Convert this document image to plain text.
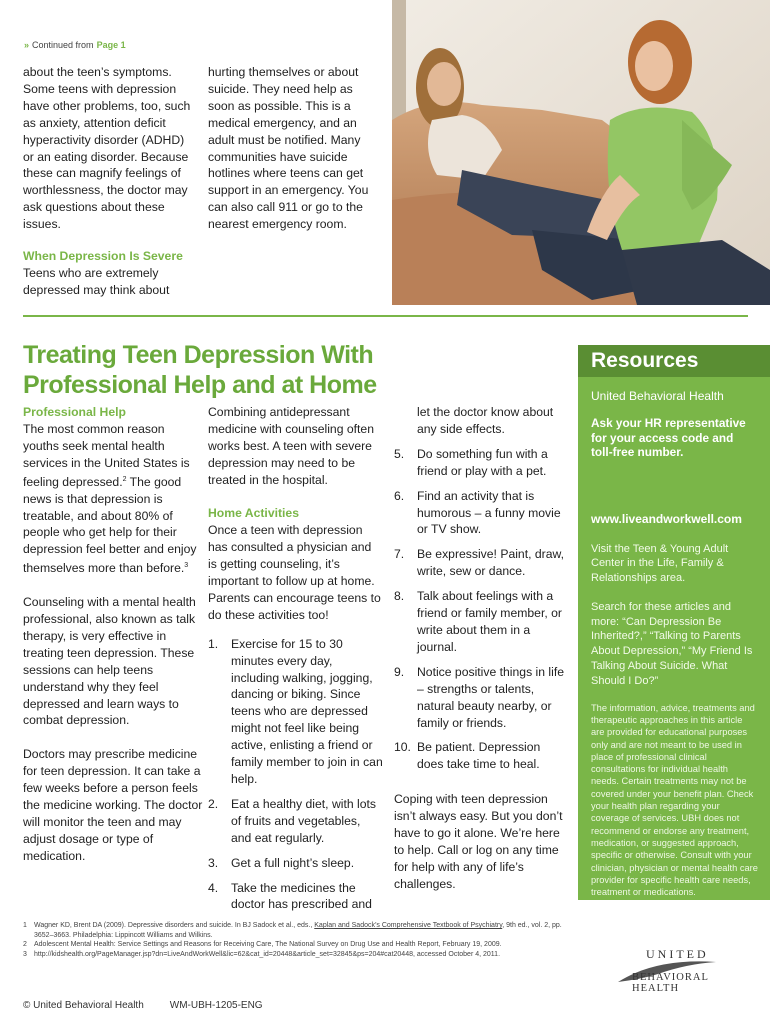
» Continued from Page 1
about the teen’s symptoms. Some teens with depression have other problems, too, such as anxiety, attention deficit hyperactivity disorder (ADHD) or an eating disorder. Because these can magnify feelings of worthlessness, the doctor may ask questions about these issues.
hurting themselves or about suicide. They need help as soon as possible. This is a medical emergency, and an adult must be notified. Many communities have suicide hotlines where teens can get support in an emergency. You can also call 911 or go to the nearest emergency room.
When Depression Is Severe
Teens who are extremely depressed may think about
Treating Teen Depression With Professional Help and at Home
Professional Help

The most common reason youths seek mental health services in the United States is feeling depressed.$^2$ The good news is that depression is treatable, and about 80% of people who get help for their depression feel better and enjoy themselves more than before.$^3$

Counseling with a mental health professional, also known as talk therapy, is very effective in treating teen depression. These sessions can help teens understand why they feel depressed and learn ways to combat depression.

Doctors may prescribe medicine for teen depression. It can take a few weeks before a person feels the medicine working. The doctor will monitor the teen and may adjust dosage or type of medication.

Combining antidepressant medicine with counseling often works best. A teen with severe depression may need to be treated in the hospital.

Home Activities

Once a teen with depression has consulted a physician and is getting counseling, it’s important to follow up at home. Parents can encourage teens to do these activities too!

1. Exercise for 15 to 30 minutes every day, including walking, jogging, dancing or biking. Since teens who are depressed might not feel like being active, enlisting a friend or family member to join in can help.
2. Eat a healthy diet, with lots of fruits and vegetables, and eat regularly.
3. Get a full night’s sleep.
4. Take the medicines the doctor has prescribed and

let the doctor know about any side effects.

5. Do something fun with a friend or play with a pet.
6. Find an activity that is humorous – a funny movie or TV show.
7. Be expressive! Paint, draw, write, sew or dance.
8. Talk about feelings with a friend or family member, or write about them in a journal.
9. Notice positive things in life – strengths or talents, natural beauty nearby, or family or friends.
10. Be patient. Depression does take time to heal.

Coping with teen depression isn’t always easy. But you don’t have to go it alone. We’re here to help. Call or log on any time for help with any of life’s challenges.

Resources
United Behavioral Health
Ask your HR representative for your access code and toll-free number.
www.liveandworkwell.com
Visit the Teen & Young Adult Center in the Life, Family & Relationships area.
Search for these articles and more: “Can Depression Be Inherited?,” “Talking to Parents About Depression,” “My Friend Is Talking About Suicide. What Should I Do?”
The information, advice, treatments and therapeutic approaches in this article are provided for educational purposes only and are not meant to be used in place of professional clinical consultations for individual health needs. Certain treatments may not be covered under your benefit plan. Check your health plan regarding your coverage of services. UBH does not recommend or endorse any treatment, medication, or suggested approach, specific or otherwise. Consult with your clinician, physician or mental health care provider for specific health care needs, treatment or medications.
1 Wagner KD, Brent DA (2009). Depressive disorders and suicide. In BJ Sadock et al., eds., Kaplan and Sadock’s Comprehensive Textbook of Psychiatry, 9th ed., vol. 2, pp. 3652–3663. Philadelphia: Lippincott Williams and Wilkins.
2 Adolescent Mental Health: Service Settings and Reasons for Receiving Care, The National Survey on Drug Use and Health Report, February 19, 2009.
3 http://kidshealth.org/PageManager.jsp?dn=LiveAndWorkWell&lic=62&cat_id=20448&article_set=32845&ps=204#cat20448, accessed October 4, 2011.	UNITED
BEHAVIORAL HEALTH
© United Behavioral Health	WM-UBH-1205-ENG
